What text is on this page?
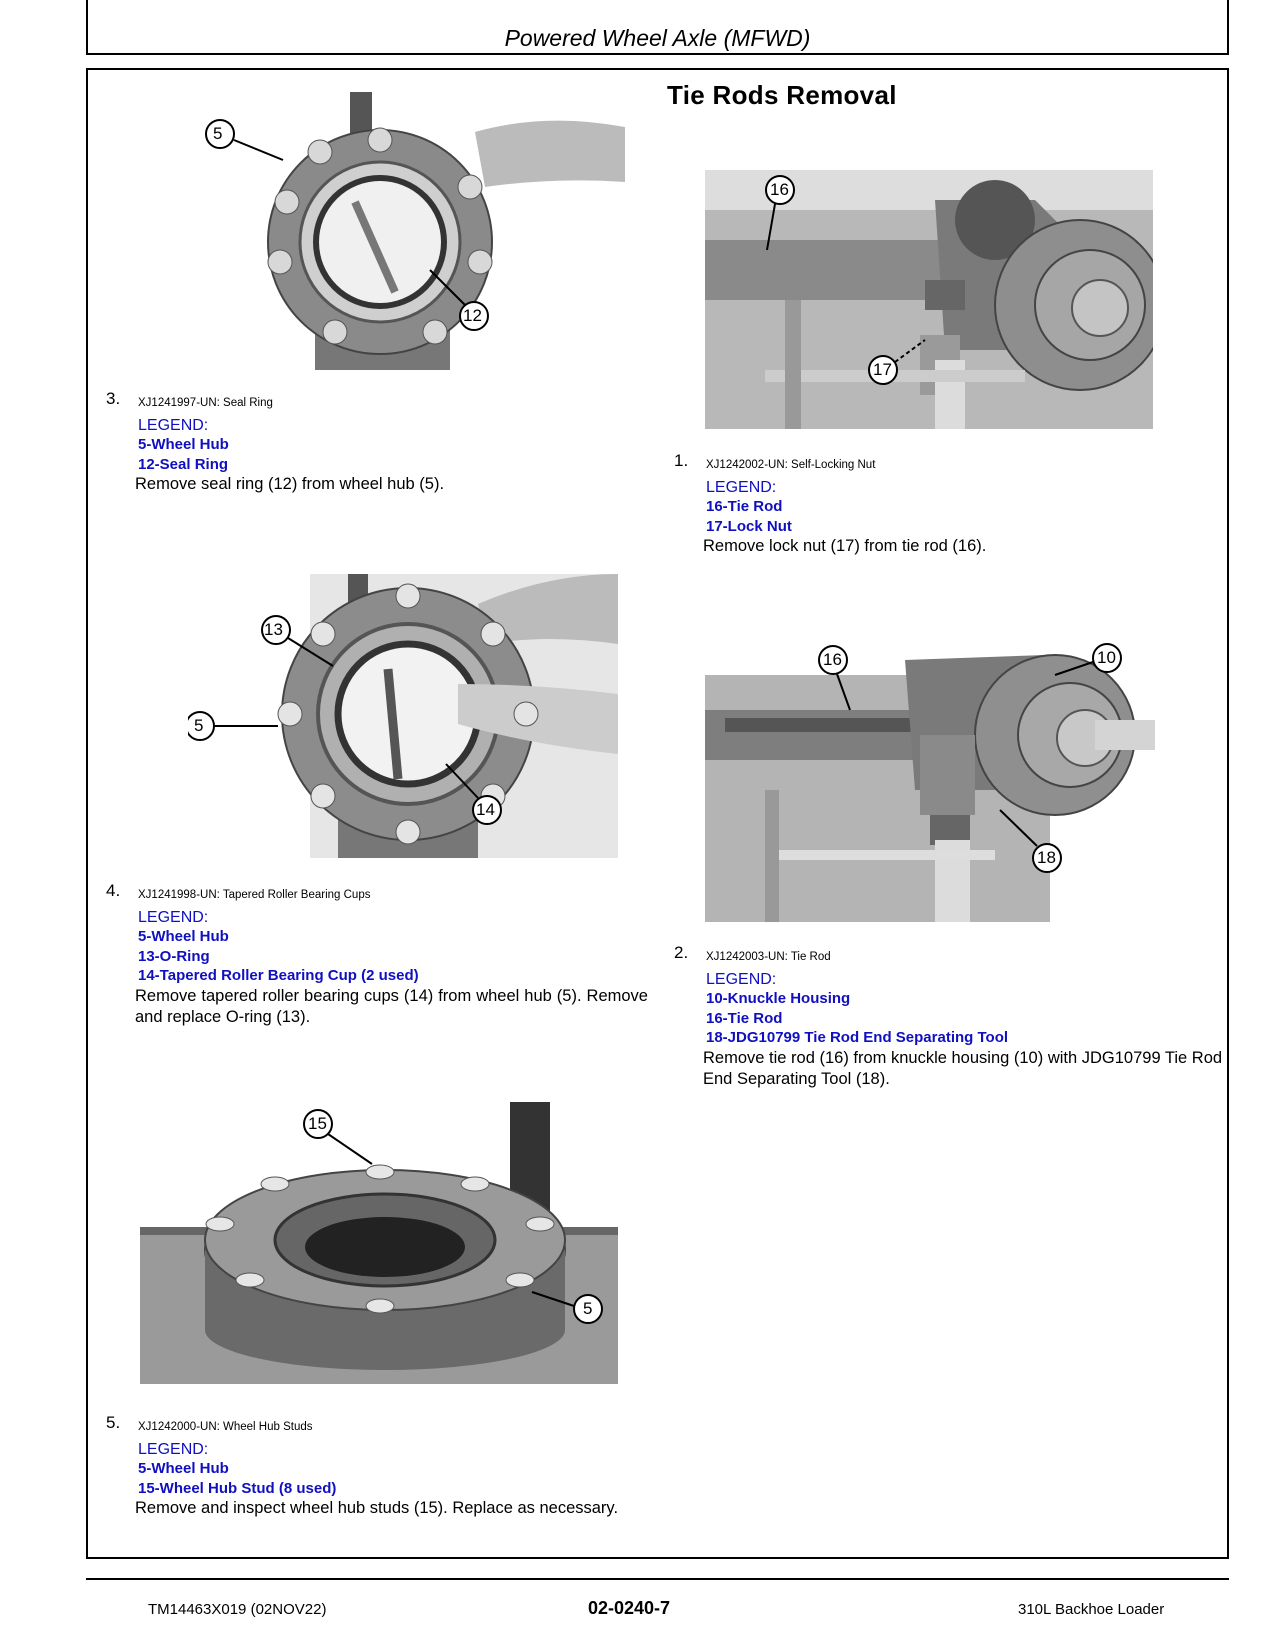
Powered Wheel Axle (MFWD)
Tie Rods Removal
5
12
3. XJ1241997-UN: Seal Ring
LEGEND:
5-Wheel Hub
12-Seal Ring
Remove seal ring (12) from wheel hub (5).
13
5
14
4. XJ1241998-UN: Tapered Roller Bearing Cups
LEGEND:
5-Wheel Hub
13-O-Ring
14-Tapered Roller Bearing Cup (2 used)
Remove tapered roller bearing cups (14) from wheel hub (5). Remove and replace O-ring (13).
15
5
5. XJ1242000-UN: Wheel Hub Studs
LEGEND:
5-Wheel Hub
15-Wheel Hub Stud (8 used)
Remove and inspect wheel hub studs (15). Replace as necessary.
16
17
1. XJ1242002-UN: Self-Locking Nut
LEGEND:
16-Tie Rod
17-Lock Nut
Remove lock nut (17) from tie rod (16).
16	10
18
2. XJ1242003-UN: Tie Rod
LEGEND:
10-Knuckle Housing
16-Tie Rod
18-JDG10799 Tie Rod End Separating Tool
Remove tie rod (16) from knuckle housing (10) with JDG10799 Tie Rod End Separating Tool (18).
TM14463X019 (02NOV22)	02-0240-7	310L Backhoe Loader
